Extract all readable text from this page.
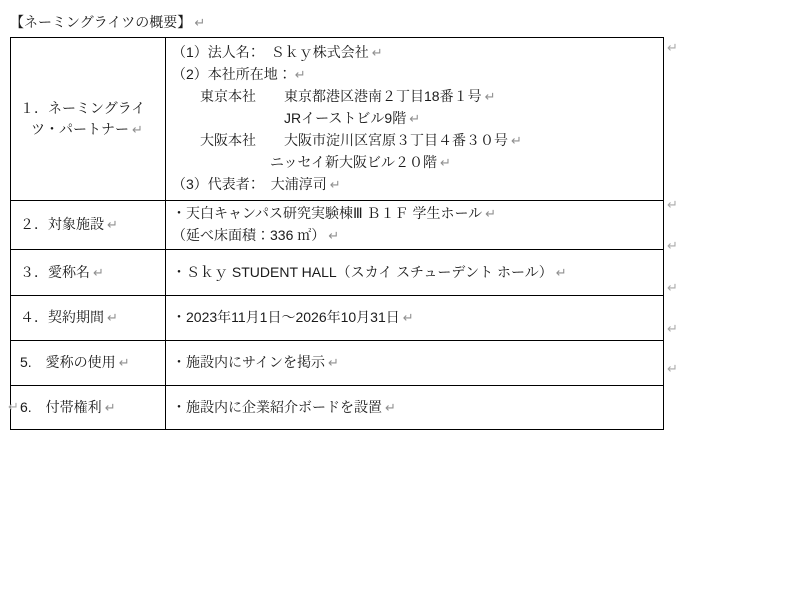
【ネーミングライツの概要】 ↵
１．ネーミングライツ・パートナー ↵

（1）法人名：　Ｓｋｙ株式会社 ↵
（2）本社所在地： ↵
　　東京本社　　東京都港区港南２丁目18番１号 ↵
　　　　　　　　JRイーストビル9階 ↵
　　大阪本社　　大阪市淀川区宮原３丁目４番３０号 ↵
　　　　　　　ニッセイ新大阪ビル２０階 ↵
（3）代表者：　大浦淳司 ↵

２．対象施設 ↵	・天白キャンパス研究実験棟Ⅲ Ｂ１Ｆ 学生ホール ↵
（延べ床面積：336 ㎡） ↵

３．愛称名 ↵	・Ｓｋｙ STUDENT HALL（スカイ スチューデント ホール） ↵

４．契約期間 ↵	・2023年11月1日～2026年10月31日 ↵

5.　愛称の使用 ↵	・施設内にサインを掲示 ↵

6.　付帯権利 ↵	・施設内に企業紹介ボードを設置 ↵
↵
↵
↵
↵
↵
↵
↵
